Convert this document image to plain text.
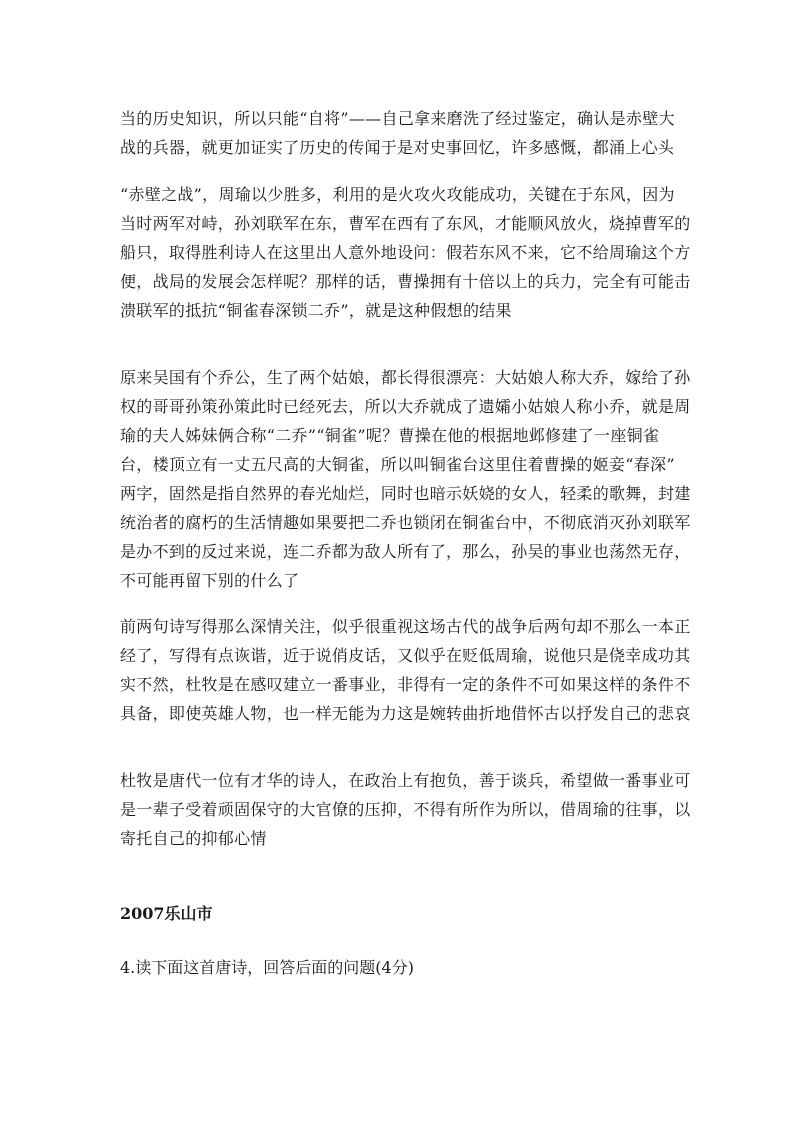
当的历史知识，所以只能“自将”——自己拿来磨洗了经过鉴定，确认是赤壁大
战的兵器，就更加证实了历史的传闻于是对史事回忆，许多感慨，都涌上心头
“赤壁之战”，周瑜以少胜多，利用的是火攻火攻能成功，关键在于东风，因为
当时两军对峙，孙刘联军在东，曹军在西有了东风，才能顺风放火，烧掉曹军的
船只，取得胜利诗人在这里出人意外地设问：假若东风不来，它不给周瑜这个方
便，战局的发展会怎样呢？那样的话，曹操拥有十倍以上的兵力，完全有可能击
溃联军的抵抗“铜雀春深锁二乔”，就是这种假想的结果
原来吴国有个乔公，生了两个姑娘，都长得很漂亮：大姑娘人称大乔，嫁给了孙
权的哥哥孙策孙策此时已经死去，所以大乔就成了遗孀小姑娘人称小乔，就是周
瑜的夫人姊妹俩合称“二乔”“铜雀”呢？曹操在他的根据地邺修建了一座铜雀
台，楼顶立有一丈五尺高的大铜雀，所以叫铜雀台这里住着曹操的姬妾“春深”
两字，固然是指自然界的春光灿烂，同时也暗示妖娆的女人，轻柔的歌舞，封建
统治者的腐朽的生活情趣如果要把二乔也锁闭在铜雀台中，不彻底消灭孙刘联军
是办不到的反过来说，连二乔都为敌人所有了，那么，孙吴的事业也荡然无存，
不可能再留下别的什么了
前两句诗写得那么深情关注，似乎很重视这场古代的战争后两句却不那么一本正
经了，写得有点诙谐，近于说俏皮话，又似乎在贬低周瑜，说他只是侥幸成功其
实不然，杜牧是在感叹建立一番事业，非得有一定的条件不可如果这样的条件不
具备，即使英雄人物，也一样无能为力这是婉转曲折地借怀古以抒发自己的悲哀
杜牧是唐代一位有才华的诗人，在政治上有抱负，善于谈兵，希望做一番事业可
是一辈子受着顽固保守的大官僚的压抑，不得有所作为所以，借周瑜的往事，以
寄托自己的抑郁心情

2007乐山市

4.读下面这首唐诗，回答后面的问题(4分)
